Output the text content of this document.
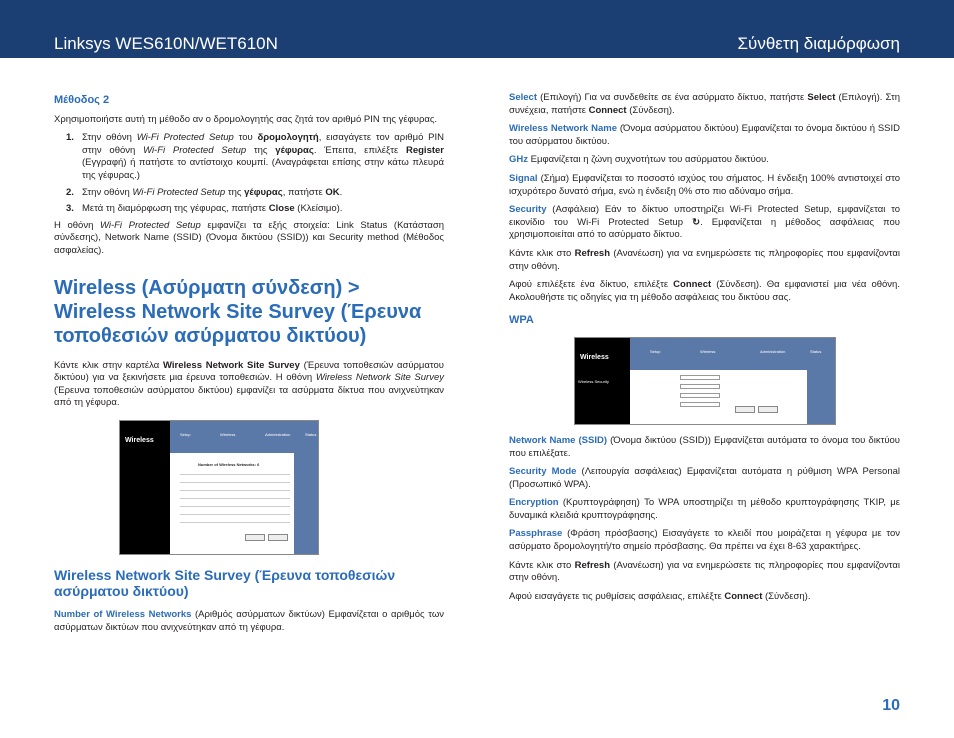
Linksys WES610N/WET610N	Σύνθετη διαμόρφωση
Μέθοδος 2
Χρησιμοποιήστε αυτή τη μέθοδο αν ο δρομολογητής σας ζητά τον αριθμό PIN της γέφυρας.
1. Στην οθόνη Wi-Fi Protected Setup του δρομολογητή, εισαγάγετε τον αριθμό PIN στην οθόνη Wi-Fi Protected Setup της γέφυρας. Έπειτα, επιλέξτε Register (Εγγραφή) ή πατήστε το αντίστοιχο κουμπί. (Αναγράφεται επίσης στην κάτω πλευρά της γέφυρας.)
2. Στην οθόνη Wi-Fi Protected Setup της γέφυρας, πατήστε OK.
3. Μετά τη διαμόρφωση της γέφυρας, πατήστε Close (Κλείσιμο).
Η οθόνη Wi-Fi Protected Setup εμφανίζει τα εξής στοιχεία: Link Status (Κατάσταση σύνδεσης), Network Name (SSID) (Όνομα δικτύου (SSID)) και Security method (Μέθοδος ασφαλείας).
Wireless (Ασύρματη σύνδεση) > Wireless Network Site Survey (Έρευνα τοποθεσιών ασύρματου δικτύου)
Κάντε κλικ στην καρτέλα Wireless Network Site Survey (Έρευνα τοποθεσιών ασύρματου δικτύου) για να ξεκινήσετε μια έρευνα τοποθεσιών. Η οθόνη Wireless Network Site Survey (Έρευνα τοποθεσιών ασύρματου δικτύου) εμφανίζει τα ασύρματα δίκτυα που ανιχνεύτηκαν από τη γέφυρα.
Wireless
Setup	Wireless	Administration	Status
Number of Wireless Networks: 6
Wireless Network Site Survey (Έρευνα τοποθεσιών ασύρματου δικτύου)
Number of Wireless Networks (Αριθμός ασύρματων δικτύων) Εμφανίζεται ο αριθμός των ασύρματων δικτύων που ανιχνεύτηκαν από τη γέφυρα.
Select (Επιλογή) Για να συνδεθείτε σε ένα ασύρματο δίκτυο, πατήστε Select (Επιλογή). Στη συνέχεια, πατήστε Connect (Σύνδεση).
Wireless Network Name (Όνομα ασύρματου δικτύου) Εμφανίζεται το όνομα δικτύου ή SSID του ασύρματου δικτύου.
GHz Εμφανίζεται η ζώνη συχνοτήτων του ασύρματου δικτύου.
Signal (Σήμα) Εμφανίζεται το ποσοστό ισχύος του σήματος. Η ένδειξη 100% αντιστοιχεί στο ισχυρότερο δυνατό σήμα, ενώ η ένδειξη 0% στο πιο αδύναμο σήμα.
Security (Ασφάλεια) Εάν το δίκτυο υποστηρίζει Wi-Fi Protected Setup, εμφανίζεται το εικονίδιο του Wi-Fi Protected Setup ↻. Εμφανίζεται η μέθοδος ασφάλειας που χρησιμοποιείται από το ασύρματο δίκτυο.
Κάντε κλικ στο Refresh (Ανανέωση) για να ενημερώσετε τις πληροφορίες που εμφανίζονται στην οθόνη.
Αφού επιλέξετε ένα δίκτυο, επιλέξτε Connect (Σύνδεση). Θα εμφανιστεί μια νέα οθόνη. Ακολουθήστε τις οδηγίες για τη μέθοδο ασφάλειας του δικτύου σας.
WPA
Wireless
Wireless Security
Setup	Wireless	Administration	Status
Network Name (SSID) (Όνομα δικτύου (SSID)) Εμφανίζεται αυτόματα το όνομα του δικτύου που επιλέξατε.
Security Mode (Λειτουργία ασφάλειας) Εμφανίζεται αυτόματα η ρύθμιση WPA Personal (Προσωπικό WPA).
Encryption (Κρυπτογράφηση) Το WPA υποστηρίζει τη μέθοδο κρυπτογράφησης TKIP, με δυναμικά κλειδιά κρυπτογράφησης.
Passphrase (Φράση πρόσβασης) Εισαγάγετε το κλειδί που μοιράζεται η γέφυρα με τον ασύρματο δρομολογητή/το σημείο πρόσβασης. Θα πρέπει να έχει 8-63 χαρακτήρες.
Κάντε κλικ στο Refresh (Ανανέωση) για να ενημερώσετε τις πληροφορίες που εμφανίζονται στην οθόνη.
Αφού εισαγάγετε τις ρυθμίσεις ασφάλειας, επιλέξτε Connect (Σύνδεση).
10
